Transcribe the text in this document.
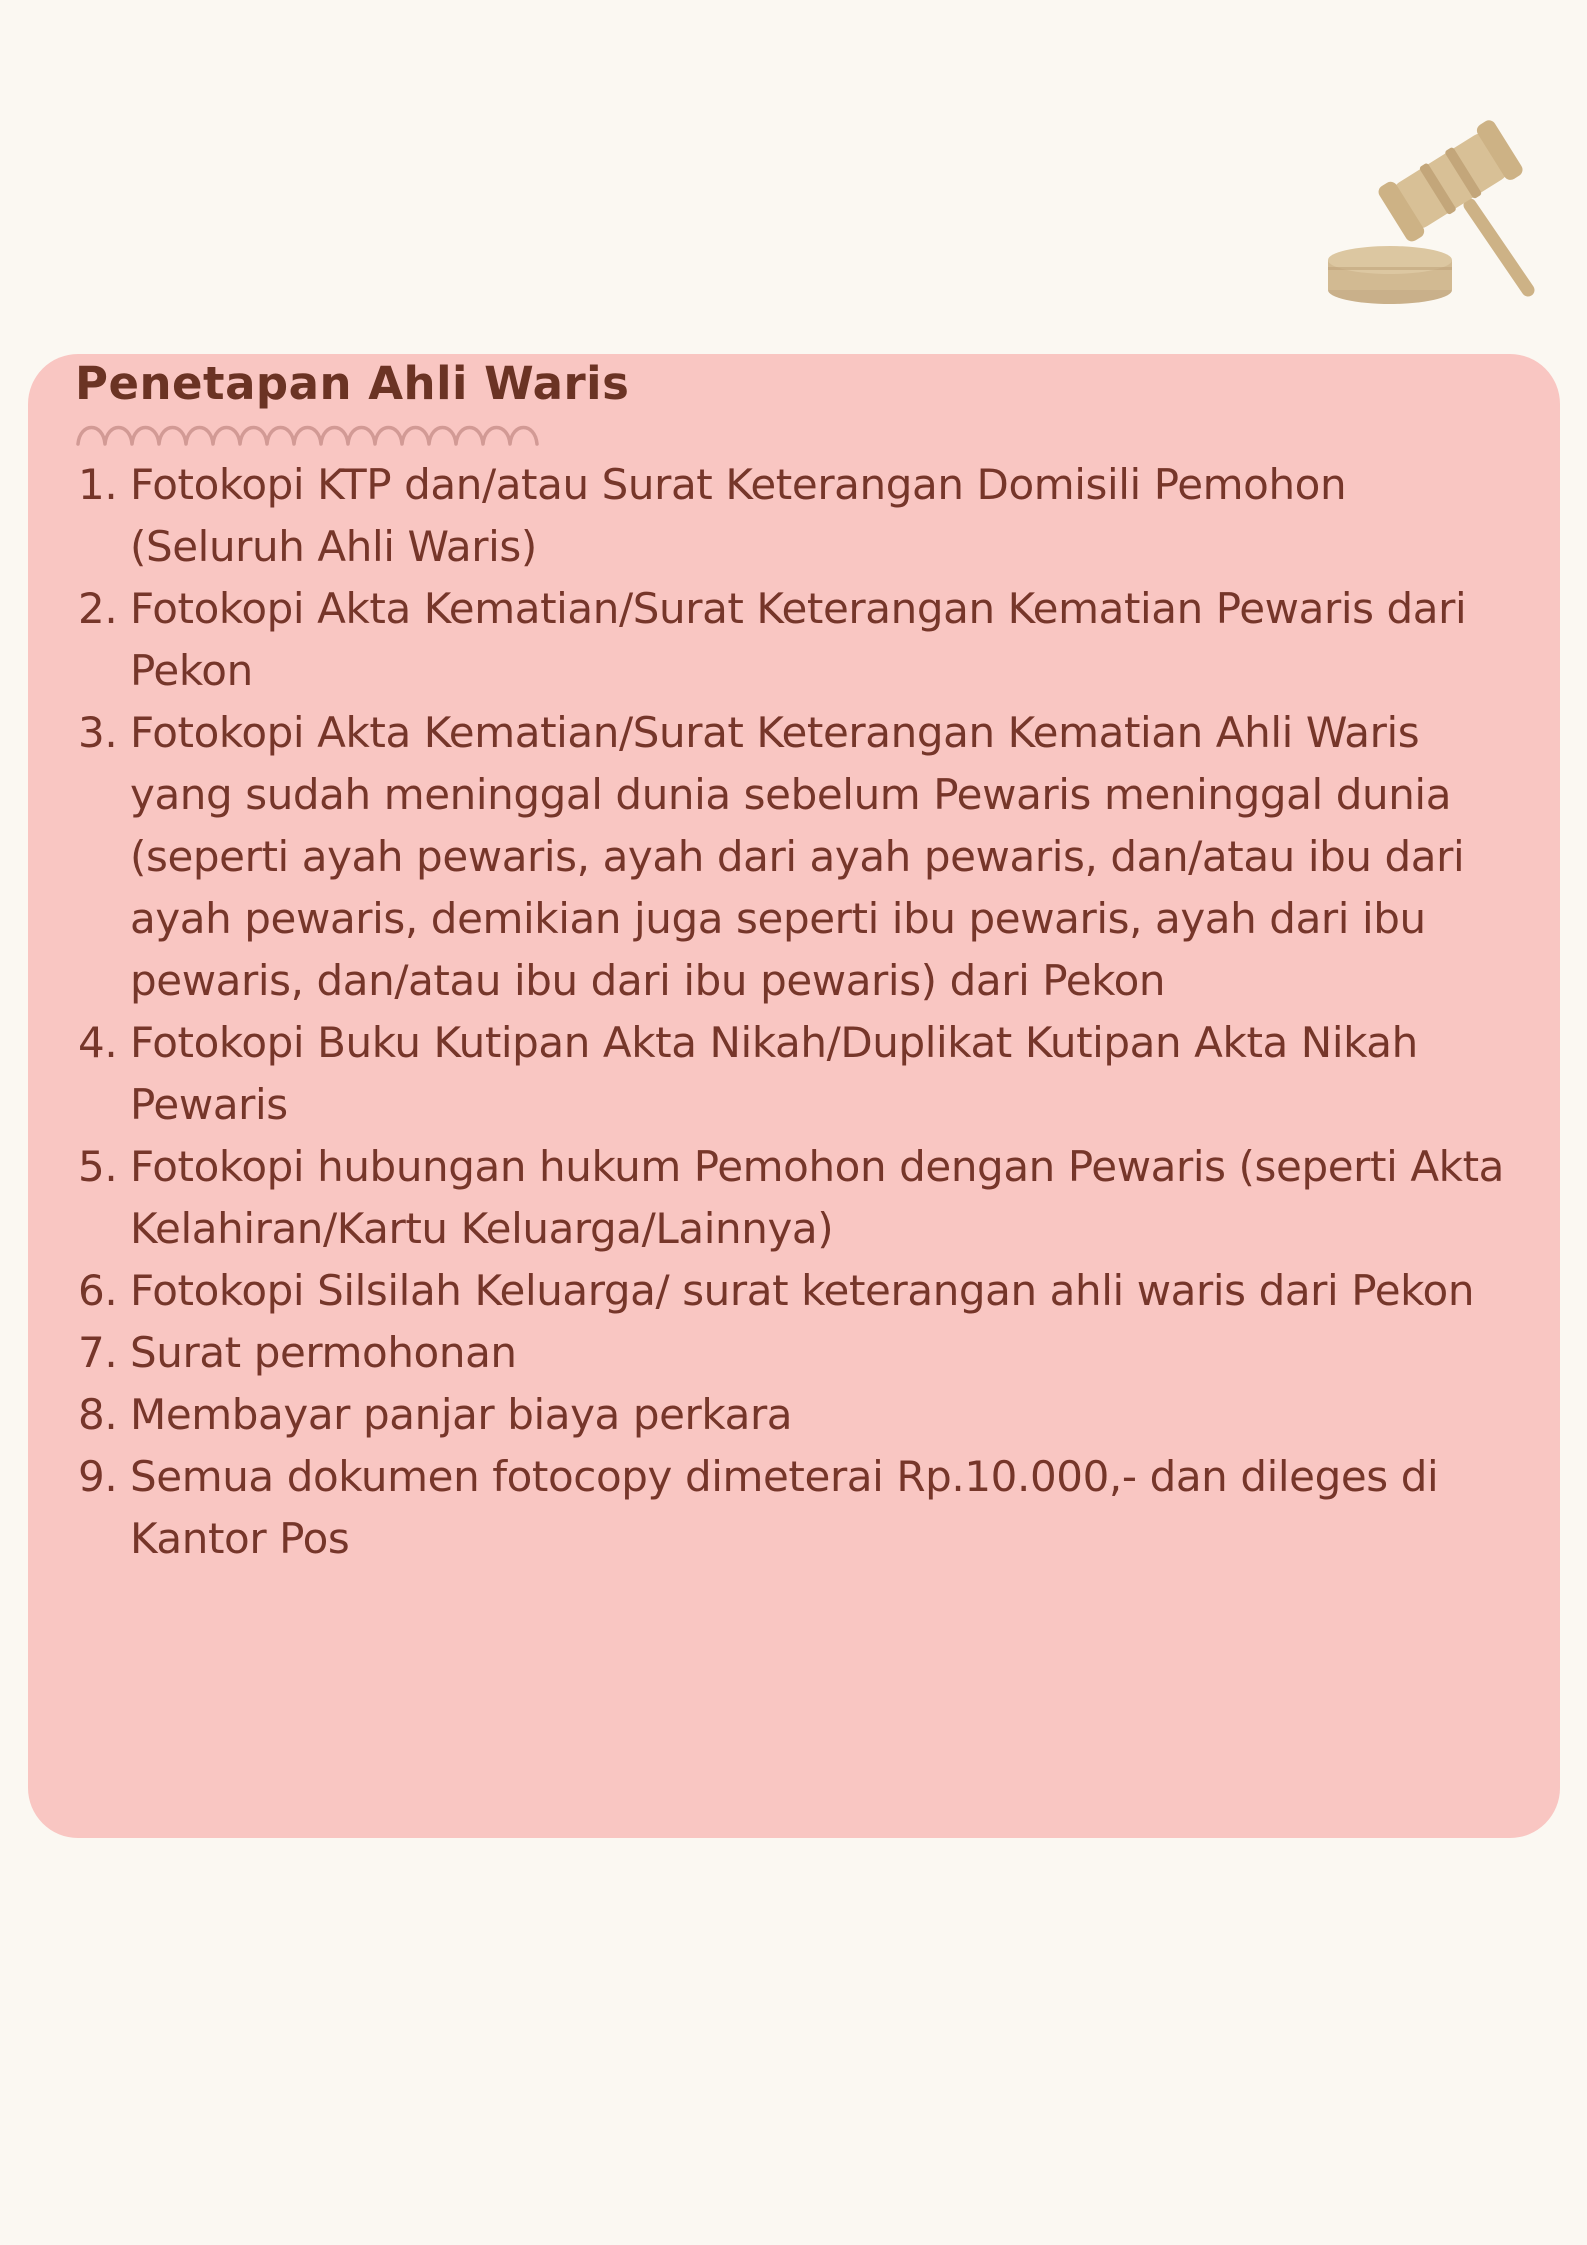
Penetapan Ahli Waris
1. Fotokopi KTP dan/atau Surat Keterangan Domisili Pemohon (Seluruh Ahli Waris)
2. Fotokopi Akta Kematian/Surat Keterangan Kematian Pewaris dari Pekon
3. Fotokopi Akta Kematian/Surat Keterangan Kematian Ahli Waris yang sudah meninggal dunia sebelum Pewaris meninggal dunia (seperti ayah pewaris, ayah dari ayah pewaris, dan/atau ibu dari ayah pewaris, demikian juga seperti ibu pewaris, ayah dari ibu pewaris, dan/atau ibu dari ibu pewaris) dari Pekon
4. Fotokopi Buku Kutipan Akta Nikah/Duplikat Kutipan Akta Nikah Pewaris
5. Fotokopi hubungan hukum Pemohon dengan Pewaris (seperti Akta Kelahiran/Kartu Keluarga/Lainnya)
6. Fotokopi Silsilah Keluarga/ surat keterangan ahli waris dari Pekon
7. Surat permohonan
8. Membayar panjar biaya perkara
9. Semua dokumen fotocopy dimeterai Rp.10.000,- dan dileges di Kantor Pos
